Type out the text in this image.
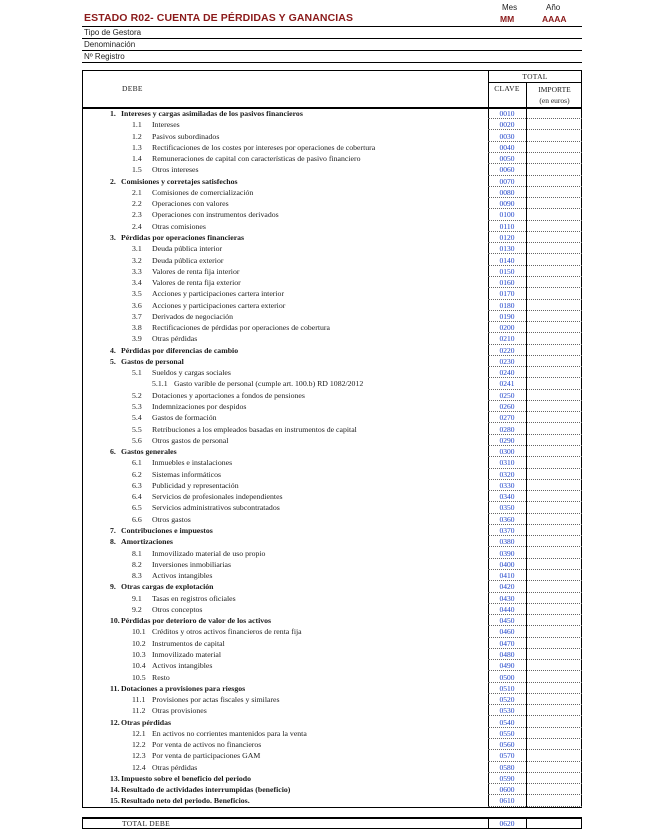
ESTADO R02- CUENTA DE PÉRDIDAS Y GANANCIAS
Mes	Año
MM	AAAA
Tipo de Gestora
Denominación
Nº Registro
DEBE
TOTAL
CLAVE	IMPORTE
(en euros)
1. Intereses y cargas asimiladas de los pasivos financieros	0010
1.1 Intereses	0020
1.2 Pasivos subordinados	0030
1.3 Rectificaciones de los costes por intereses por operaciones de cobertura	0040
1.4 Remuneraciones de capital con características de pasivo financiero	0050
1.5 Otros intereses	0060
2. Comisiones y corretajes satisfechos	0070
2.1 Comisiones de comercialización	0080
2.2 Operaciones con valores	0090
2.3 Operaciones con instrumentos derivados	0100
2.4 Otras comisiones	0110
3. Pérdidas por operaciones financieras	0120
3.1 Deuda pública interior	0130
3.2 Deuda pública exterior	0140
3.3 Valores de renta fija interior	0150
3.4 Valores de renta fija exterior	0160
3.5 Acciones y participaciones cartera interior	0170
3.6 Acciones y participaciones cartera exterior	0180
3.7 Derivados de negociación	0190
3.8 Rectificaciones de pérdidas por operaciones de cobertura	0200
3.9 Otras pérdidas	0210
4. Pérdidas por diferencias de cambio	0220
5. Gastos de personal	0230
5.1 Sueldos y cargas sociales	0240
5.1.1 Gasto varible de personal (cumple art. 100.b) RD 1082/2012	0241
5.2 Dotaciones y aportaciones a fondos de pensiones	0250
5.3 Indemnizaciones por despidos	0260
5.4 Gastos de formación	0270
5.5 Retribuciones a los empleados basadas en instrumentos de capital	0280
5.6 Otros gastos de personal	0290
6. Gastos generales	0300
6.1 Inmuebles e instalaciones	0310
6.2 Sistemas informáticos	0320
6.3 Publicidad y representación	0330
6.4 Servicios de profesionales independientes	0340
6.5 Servicios administrativos subcontratados	0350
6.6 Otros gastos	0360
7. Contribuciones e impuestos	0370
8. Amortizaciones	0380
8.1 Inmovilizado material de uso propio	0390
8.2 Inversiones inmobiliarias	0400
8.3 Activos intangibles	0410
9. Otras cargas de explotación	0420
9.1 Tasas en registros oficiales	0430
9.2 Otros conceptos	0440
10. Pérdidas por deterioro de valor de los activos	0450
10.1 Créditos y otros activos financieros de renta fija	0460
10.2 Instrumentos de capital	0470
10.3 Inmovilizado material	0480
10.4 Activos intangibles	0490
10.5 Resto	0500
11. Dotaciones a provisiones para riesgos	0510
11.1 Provisiones por actas fiscales y similares	0520
11.2 Otras provisiones	0530
12. Otras pérdidas	0540
12.1 En activos no corrientes mantenidos para la venta	0550
12.2 Por venta de activos no financieros	0560
12.3 Por venta de participaciones GAM	0570
12.4 Otras pérdidas	0580
13. Impuesto sobre el beneficio del periodo	0590
14. Resultado de actividades interrumpidas (beneficio)	0600
15. Resultado neto del periodo. Beneficios.	0610
TOTAL DEBE	0620
